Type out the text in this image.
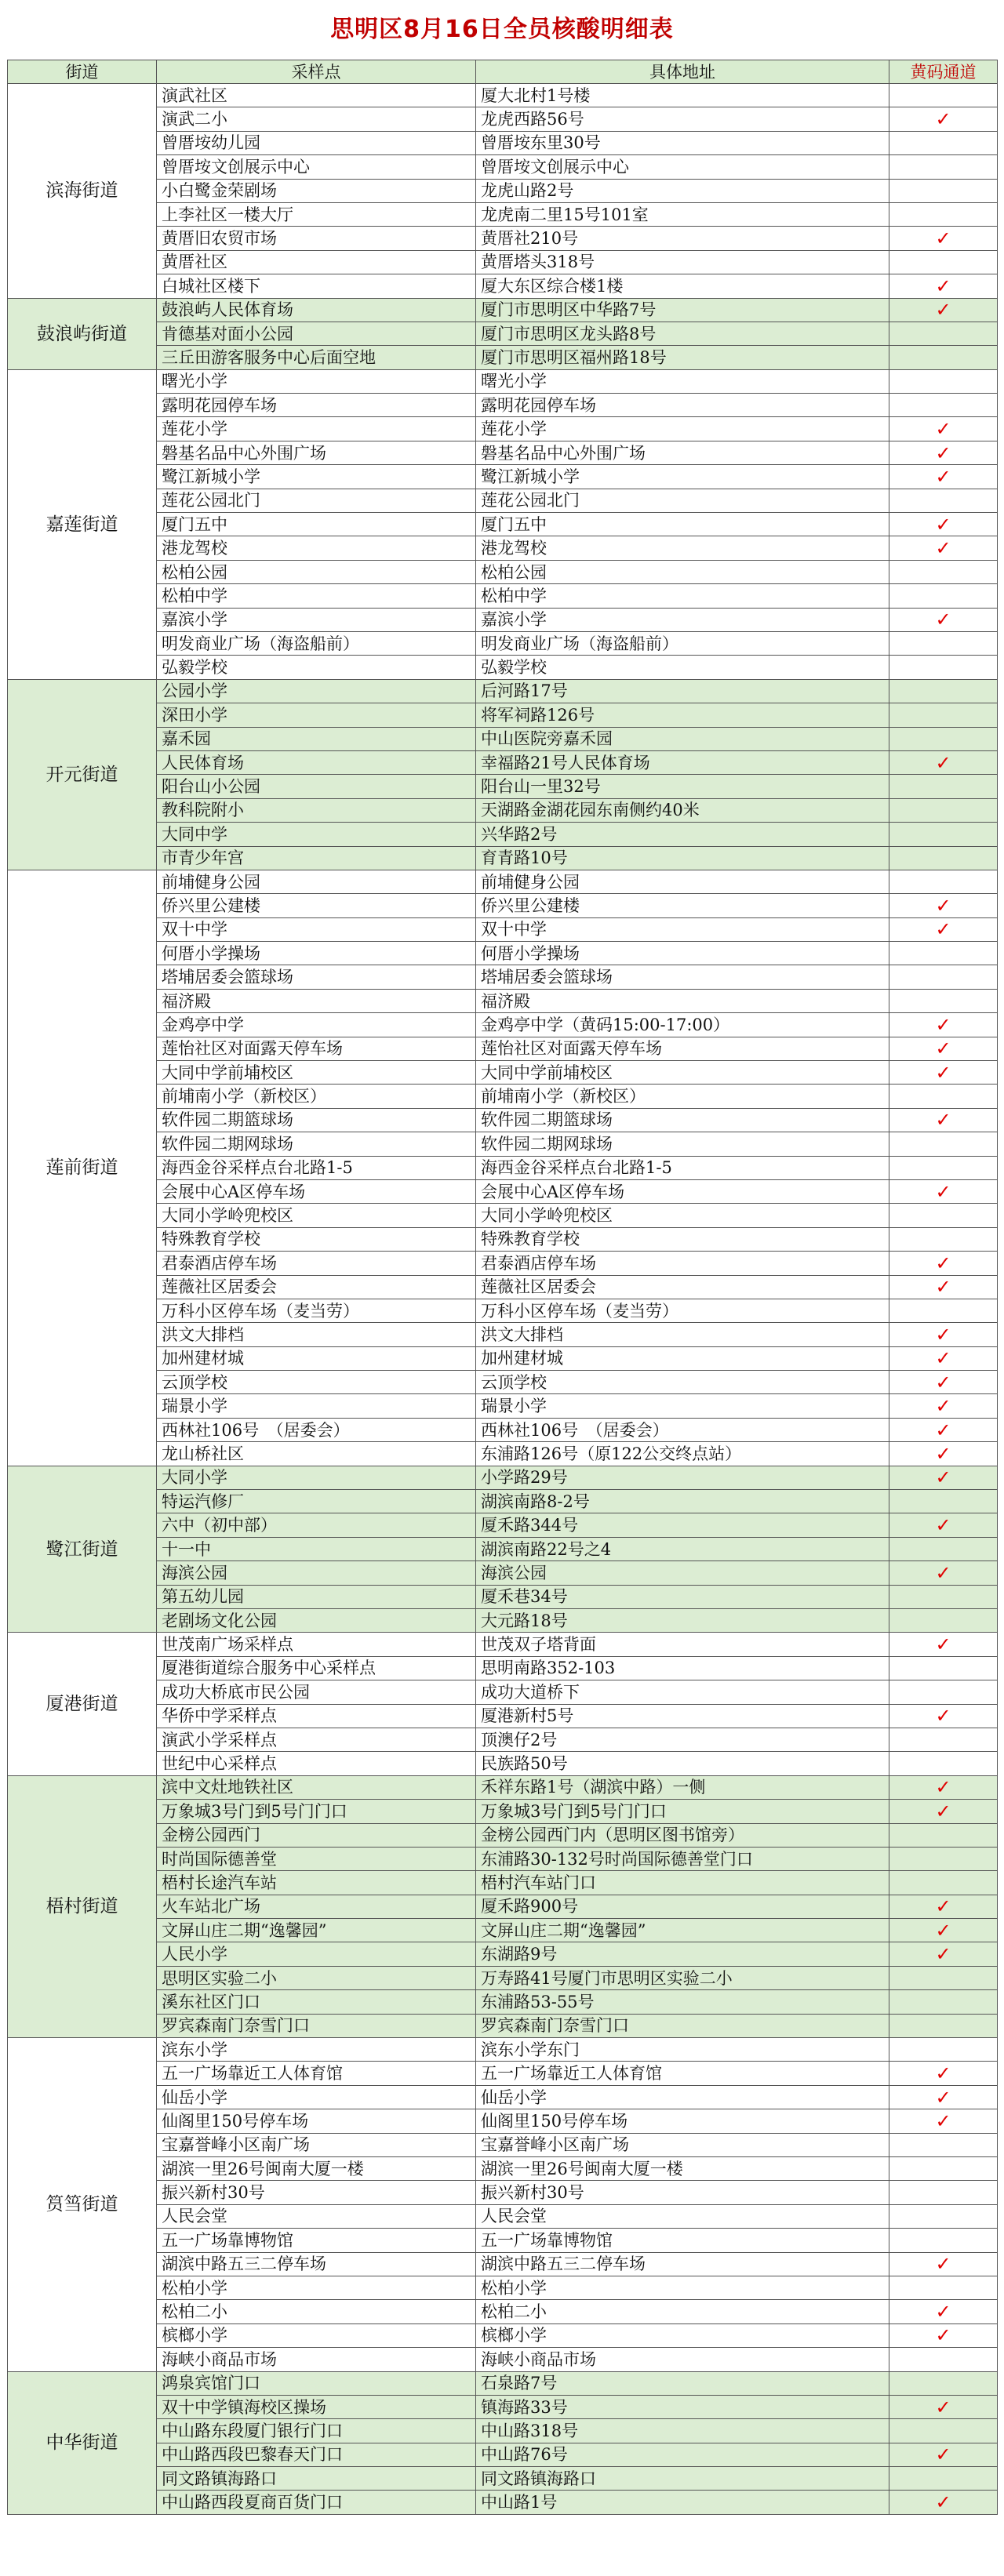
思明区8月16日全员核酸明细表
街道	采样点	具体地址	黄码通道
滨海街道	演武社区	厦大北村1号楼	
	演武二小	龙虎西路56号	✓
	曾厝垵幼儿园	曾厝垵东里30号	
	曾厝垵文创展示中心	曾厝垵文创展示中心	
	小白鹭金荣剧场	龙虎山路2号	
	上李社区一楼大厅	龙虎南二里15号101室	
	黄厝旧农贸市场	黄厝社210号	✓
	黄厝社区	黄厝塔头318号	
	白城社区楼下	厦大东区综合楼1楼	✓
鼓浪屿街道	鼓浪屿人民体育场	厦门市思明区中华路7号	✓
	肯德基对面小公园	厦门市思明区龙头路8号	
	三丘田游客服务中心后面空地	厦门市思明区福州路18号	
嘉莲街道	曙光小学	曙光小学	
	露明花园停车场	露明花园停车场	
	莲花小学	莲花小学	✓
	磐基名品中心外围广场	磐基名品中心外围广场	✓
	鹭江新城小学	鹭江新城小学	✓
	莲花公园北门	莲花公园北门	
	厦门五中	厦门五中	✓
	港龙驾校	港龙驾校	✓
	松柏公园	松柏公园	
	松柏中学	松柏中学	
	嘉滨小学	嘉滨小学	✓
	明发商业广场（海盗船前）	明发商业广场（海盗船前）	
	弘毅学校	弘毅学校	
开元街道	公园小学	后河路17号	
	深田小学	将军祠路126号	
	嘉禾园	中山医院旁嘉禾园	
	人民体育场	幸福路21号人民体育场	✓
	阳台山小公园	阳台山一里32号	
	教科院附小	天湖路金湖花园东南侧约40米	
	大同中学	兴华路2号	
	市青少年宫	育青路10号	
莲前街道	前埔健身公园	前埔健身公园	
	侨兴里公建楼	侨兴里公建楼	✓
	双十中学	双十中学	✓
	何厝小学操场	何厝小学操场	
	塔埔居委会篮球场	塔埔居委会篮球场	
	福济殿	福济殿	
	金鸡亭中学	金鸡亭中学（黄码15:00-17:00）	✓
	莲怡社区对面露天停车场	莲怡社区对面露天停车场	✓
	大同中学前埔校区	大同中学前埔校区	✓
	前埔南小学（新校区）	前埔南小学（新校区）	
	软件园二期篮球场	软件园二期篮球场	✓
	软件园二期网球场	软件园二期网球场	
	海西金谷采样点台北路1-5	海西金谷采样点台北路1-5	
	会展中心A区停车场	会展中心A区停车场	✓
	大同小学岭兜校区	大同小学岭兜校区	
	特殊教育学校	特殊教育学校	
	君泰酒店停车场	君泰酒店停车场	✓
	莲薇社区居委会	莲薇社区居委会	✓
	万科小区停车场（麦当劳）	万科小区停车场（麦当劳）	
	洪文大排档	洪文大排档	✓
	加州建材城	加州建材城	✓
	云顶学校	云顶学校	✓
	瑞景小学	瑞景小学	✓
	西林社106号　（居委会）	西林社106号　（居委会）	✓
	龙山桥社区	东浦路126号（原122公交终点站）	✓
鹭江街道	大同小学	小学路29号	✓
	特运汽修厂	湖滨南路8-2号	
	六中（初中部）	厦禾路344号	✓
	十一中	湖滨南路22号之4	
	海滨公园	海滨公园	✓
	第五幼儿园	厦禾巷34号	
	老剧场文化公园	大元路18号	
厦港街道	世茂南广场采样点	世茂双子塔背面	✓
	厦港街道综合服务中心采样点	思明南路352-103	
	成功大桥底市民公园	成功大道桥下	
	华侨中学采样点	厦港新村5号	✓
	演武小学采样点	顶澳仔2号	
	世纪中心采样点	民族路50号	
梧村街道	滨中文灶地铁社区	禾祥东路1号（湖滨中路）一侧	✓
	万象城3号门到5号门门口	万象城3号门到5号门门口	✓
	金榜公园西门	金榜公园西门内（思明区图书馆旁）	
	时尚国际德善堂	东浦路30-132号时尚国际德善堂门口	
	梧村长途汽车站	梧村汽车站门口	
	火车站北广场	厦禾路900号	✓
	文屏山庄二期“逸馨园”	文屏山庄二期“逸馨园”	✓
	人民小学	东湖路9号	✓
	思明区实验二小	万寿路41号厦门市思明区实验二小	
	溪东社区门口	东浦路53-55号	
	罗宾森南门奈雪门口	罗宾森南门奈雪门口	
筼筜街道	滨东小学	滨东小学东门	
	五一广场靠近工人体育馆	五一广场靠近工人体育馆	✓
	仙岳小学	仙岳小学	✓
	仙阁里150号停车场	仙阁里150号停车场	✓
	宝嘉誉峰小区南广场	宝嘉誉峰小区南广场	
	湖滨一里26号闽南大厦一楼	湖滨一里26号闽南大厦一楼	
	振兴新村30号	振兴新村30号	
	人民会堂	人民会堂	
	五一广场靠博物馆	五一广场靠博物馆	
	湖滨中路五三二停车场	湖滨中路五三二停车场	✓
	松柏小学	松柏小学	
	松柏二小	松柏二小	✓
	槟榔小学	槟榔小学	✓
	海峡小商品市场	海峡小商品市场	
中华街道	鸿泉宾馆门口	石泉路7号	
	双十中学镇海校区操场	镇海路33号	✓
	中山路东段厦门银行门口	中山路318号	
	中山路西段巴黎春天门口	中山路76号	✓
	同文路镇海路口	同文路镇海路口	
	中山路西段夏商百货门口	中山路1号	✓
